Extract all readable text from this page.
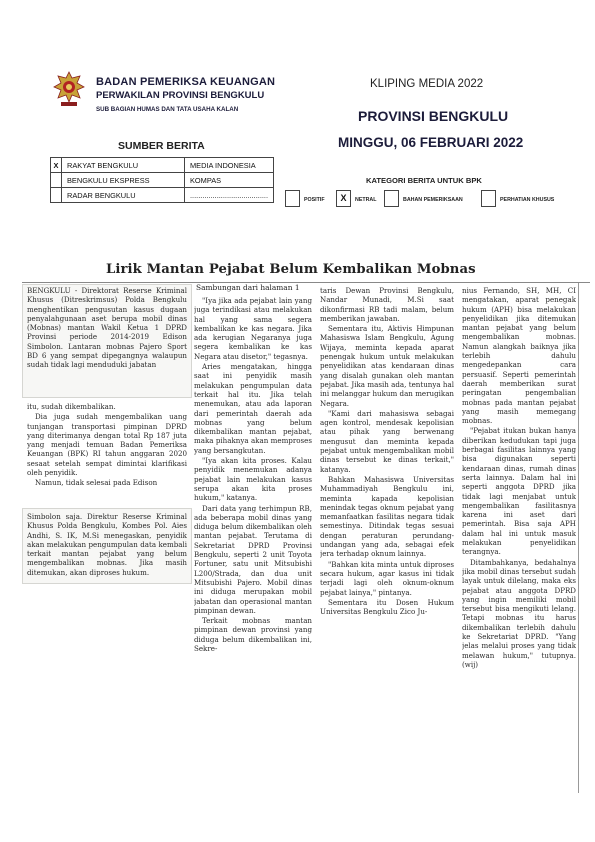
BADAN PEMERIKSA KEUANGAN
PERWAKILAN PROVINSI BENGKULU
SUB BAGIAN HUMAS DAN TATA USAHA KALAN
KLIPING MEDIA 2022
PROVINSI BENGKULU
MINGGU, 06 FEBRUARI 2022
SUMBER BERITA
X	RAKYAT BENGKULU	MEDIA INDONESIA
	BENGKULU EKSPRESS	KOMPAS
	RADAR BENGKULU	......................................
KATEGORI BERITA UNTUK BPK
POSITIF	X	NETRAL	BAHAN PEMERIKSAAN	PERHATIAN KHUSUS
Lirik Mantan Pejabat Belum Kembalikan Mobnas

BENGKULU - Direktorat Reserse Kriminal Khusus (Ditreskrimsus) Polda Bengkulu menghentikan pengusutan kasus dugaan penyalahgunaan aset berupa mobil dinas (Mobnas) mantan Wakil Ketua 1 DPRD Provinsi periode 2014-2019 Edison Simbolon. Lantaran mobnas Pajero Sport BD 6 yang sempat dipegangnya walaupun sudah tidak lagi menduduki jabatan

itu, sudah dikembalikan.

Dia juga sudah mengembalikan uang tunjangan transportasi pimpinan DPRD yang diterimanya dengan total Rp 187 juta yang menjadi temuan Badan Pemeriksa Keuangan (BPK) RI tahun anggaran 2020 sesaat setelah sempat dimintai klarifikasi oleh penyidik.

Namun, tidak selesai pada Edison

Simbolon saja. Direktur Reserse Kriminal Khusus Polda Bengkulu, Kombes Pol. Aies Andhi, S. IK, M.Si menegaskan, penyidik akan melakukan pengumpulan data kembali terkait mantan pejabat yang belum mengembalikan mobnas. Jika masih ditemukan, akan diproses hukum.

Sambungan dari halaman 1

"Iya jika ada pejabat lain yang juga terindikasi atau melakukan hal yang sama segera kembalikan ke kas negara. Jika ada kerugian Negaranya juga segera kembalikan ke kas Negara atau disetor," tegasnya.

Aries mengatakan, hingga saat ini penyidik masih melakukan pengumpulan data terkait hal itu. Jika telah menemukan, atau ada laporan dari pemerintah daerah ada mobnas yang belum dikembalikan mantan pejabat, maka pihaknya akan memproses yang bersangkutan.

"Iya akan kita proses. Kalau penyidik menemukan adanya pejabat lain melakukan kasus serupa akan kita proses hukum," katanya.

Dari data yang terhimpun RB, ada beberapa mobil dinas yang diduga belum dikembalikan oleh mantan pejabat. Terutama di Sekretariat DPRD Provinsi Bengkulu, seperti 2 unit Toyota Fortuner, satu unit Mitsubishi L200/Strada, dan dua unit Mitsubishi Pajero. Mobil dinas ini diduga merupakan mobil jabatan dan operasional mantan pimpinan dewan.

Terkait mobnas mantan pimpinan dewan provinsi yang diduga belum dikembalikan ini, Sekre-

taris Dewan Provinsi Bengkulu, Nandar Munadi, M.Si saat dikonfirmasi RB tadi malam, belum memberikan jawaban.

Sementara itu, Aktivis Himpunan Mahasiswa Islam Bengkulu, Agung Wijaya, meminta kepada aparat penengak hukum untuk melakukan penyelidikan atas kendaraan dinas yang disalah gunakan oleh mantan pejabat. Jika masih ada, tentunya hal ini melanggar hukum dan merugikan Negara.

"Kami dari mahasiswa sebagai agen kontrol, mendesak kepolisian atau pihak yang berwenang mengusut dan meminta kepada pejabat untuk mengembalikan mobil dinas tersebut ke dinas terkait," katanya.

Bahkan Mahasiswa Universitas Muhammadiyah Bengkulu ini, meminta kapada kepolisian menindak tegas oknum pejabat yang memanfaatkan fasilitas negara tidak semestinya. Ditindak tegas sesuai dengan peraturan perundang-undangan yang ada, sebagai efek jera terhadap oknum lainnya.

"Bahkan kita minta untuk diproses secara hukum, agar kasus ini tidak terjadi lagi oleh oknum-oknum pejabat lainya," pintanya.

Sementara itu Dosen Hukum Universitas Bengkulu Zico Ju-

nius Fernando, SH, MH, CI mengatakan, aparat penegak hukum (APH) bisa melakukan penyelidikan jika ditemukan mantan pejabat yang belum mengembalikan mobnas. Namun alangkah baiknya jika terlebih dahulu mengedepankan cara persuasif. Seperti pemerintah daerah memberikan surat peringatan pengembalian mobnas pada mantan pejabat yang masih memegang mobnas.

"Pejabat itukan bukan hanya diberikan kedudukan tapi juga berbagai fasilitas lainnya yang bisa digunakan seperti kendaraan dinas, rumah dinas serta lainnya. Dalam hal ini seperti anggota DPRD jika tidak lagi menjabat untuk mengembalikan fasilitasnya karena ini aset dari pemerintah. Bisa saja APH dalam hal ini untuk masuk melakukan penyelidikan terangnya.

Ditambahkanya, bedahalnya jika mobil dinas tersebut sudah layak untuk dilelang, maka eks pejabat atau anggota DPRD yang ingin memiliki mobil tersebut bisa mengikuti lelang. Tetapi mobnas itu harus dikembalikan terlebih dahulu ke Sekretariat DPRD. "Yang jelas melalui proses yang tidak melawan hukum," tutupnya.(wij)
